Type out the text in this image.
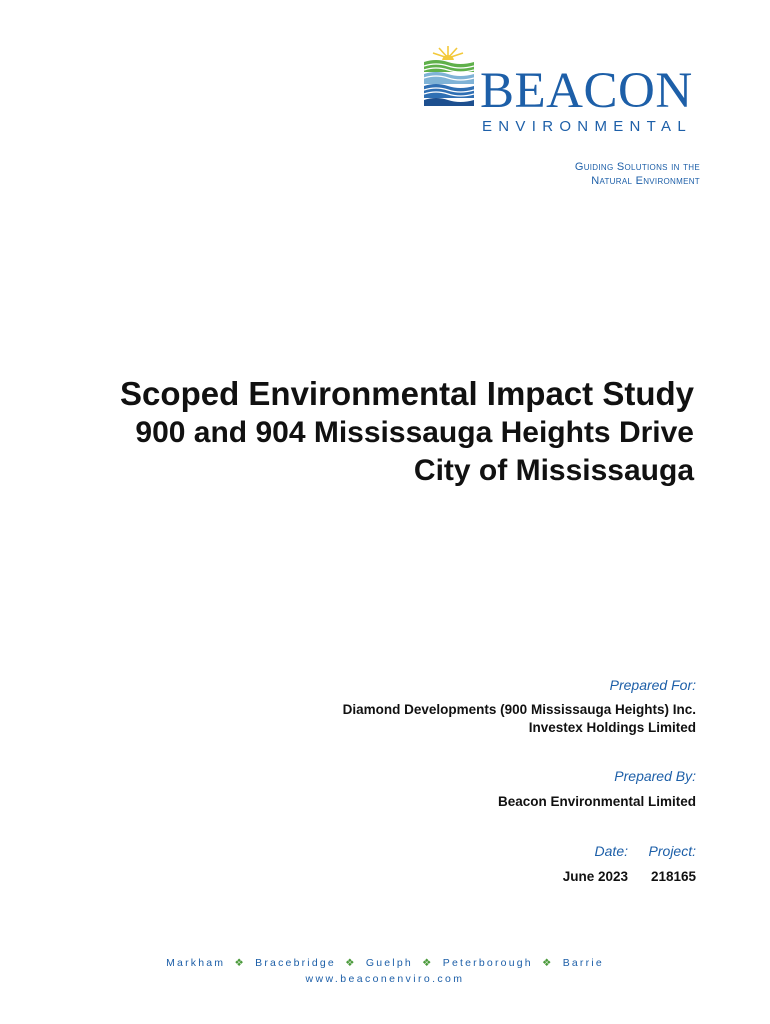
BEACON
ENVIRONMENTAL
Guiding Solutions in the
Natural Environment
Scoped Environmental Impact Study
900 and 904 Mississauga Heights Drive
City of Mississauga
Prepared For:
Diamond Developments (900 Mississauga Heights) Inc.
Investex Holdings Limited
Prepared By:
Beacon Environmental Limited
Date: Project:
June 2023 218165
Markham ❖ Bracebridge ❖ Guelph ❖ Peterborough ❖ Barrie
www.beaconenviro.com
